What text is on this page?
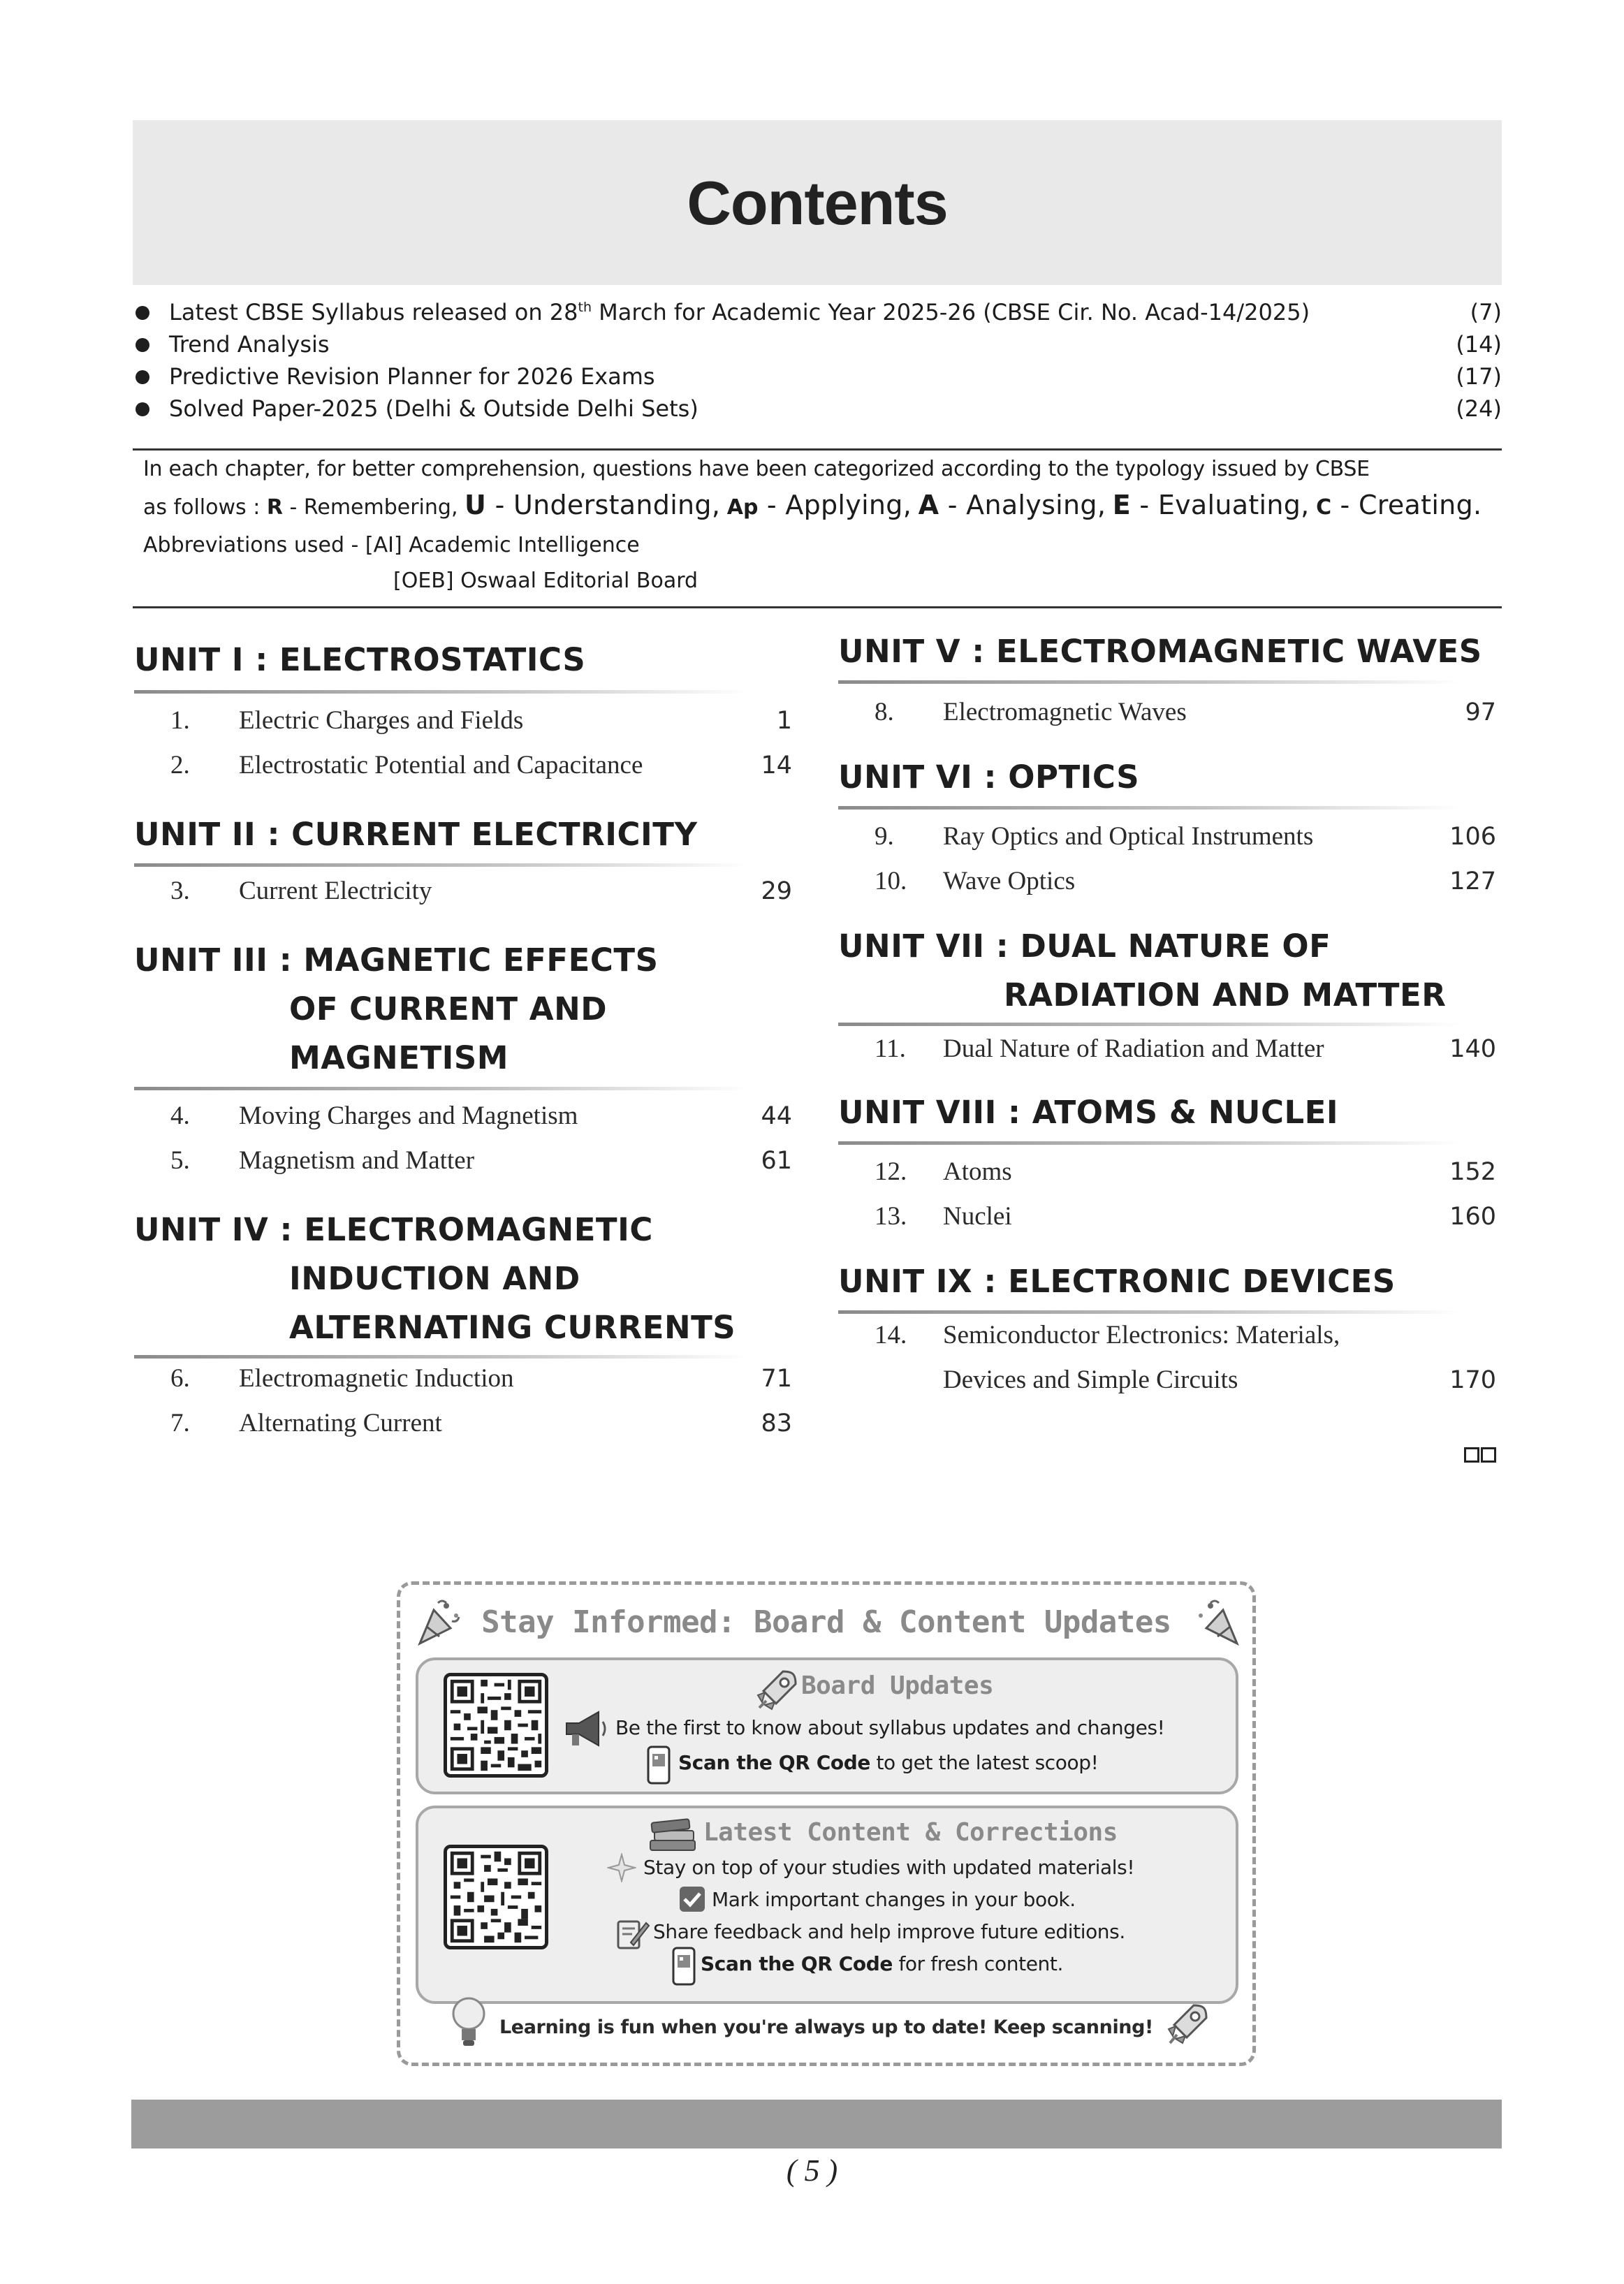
Contents
Latest CBSE Syllabus released on 28th March for Academic Year 2025-26 (CBSE Cir. No. Acad-14/2025)	(7)
Trend Analysis	(14)
Predictive Revision Planner for 2026 Exams	(17)
Solved Paper-2025 (Delhi & Outside Delhi Sets)	(24)
In each chapter, for better comprehension, questions have been categorized according to the typology issued by CBSE
as follows : R - Remembering, U - Understanding, Ap - Applying, A - Analysing, E - Evaluating, C - Creating.
Abbreviations used - [AI] Academic Intelligence
[OEB] Oswaal Editorial Board
UNIT I : ELECTROSTATICS
1. Electric Charges and Fields	1
2. Electrostatic Potential and Capacitance	14
UNIT II : CURRENT ELECTRICITY
3. Current Electricity	29
UNIT III : MAGNETIC EFFECTS
OF CURRENT AND
MAGNETISM
4. Moving Charges and Magnetism	44
5. Magnetism and Matter	61
UNIT IV : ELECTROMAGNETIC
INDUCTION AND
ALTERNATING CURRENTS
6. Electromagnetic Induction	71
7. Alternating Current	83
UNIT V : ELECTROMAGNETIC WAVES
8. Electromagnetic Waves	97
UNIT VI : OPTICS
9. Ray Optics and Optical Instruments	106
10. Wave Optics	127
UNIT VII : DUAL NATURE OF
RADIATION AND MATTER
11. Dual Nature of Radiation and Matter	140
UNIT VIII : ATOMS & NUCLEI
12. Atoms	152
13. Nuclei	160
UNIT IX : ELECTRONIC DEVICES
14. Semiconductor Electronics: Materials,
Devices and Simple Circuits	170
Stay Informed: Board & Content Updates
Board Updates
Be the first to know about syllabus updates and changes!
Scan the QR Code to get the latest scoop!
Latest Content & Corrections
Stay on top of your studies with updated materials!
Mark important changes in your book.
Share feedback and help improve future editions.
Scan the QR Code for fresh content.
Learning is fun when you're always up to date! Keep scanning!
( 5 )
